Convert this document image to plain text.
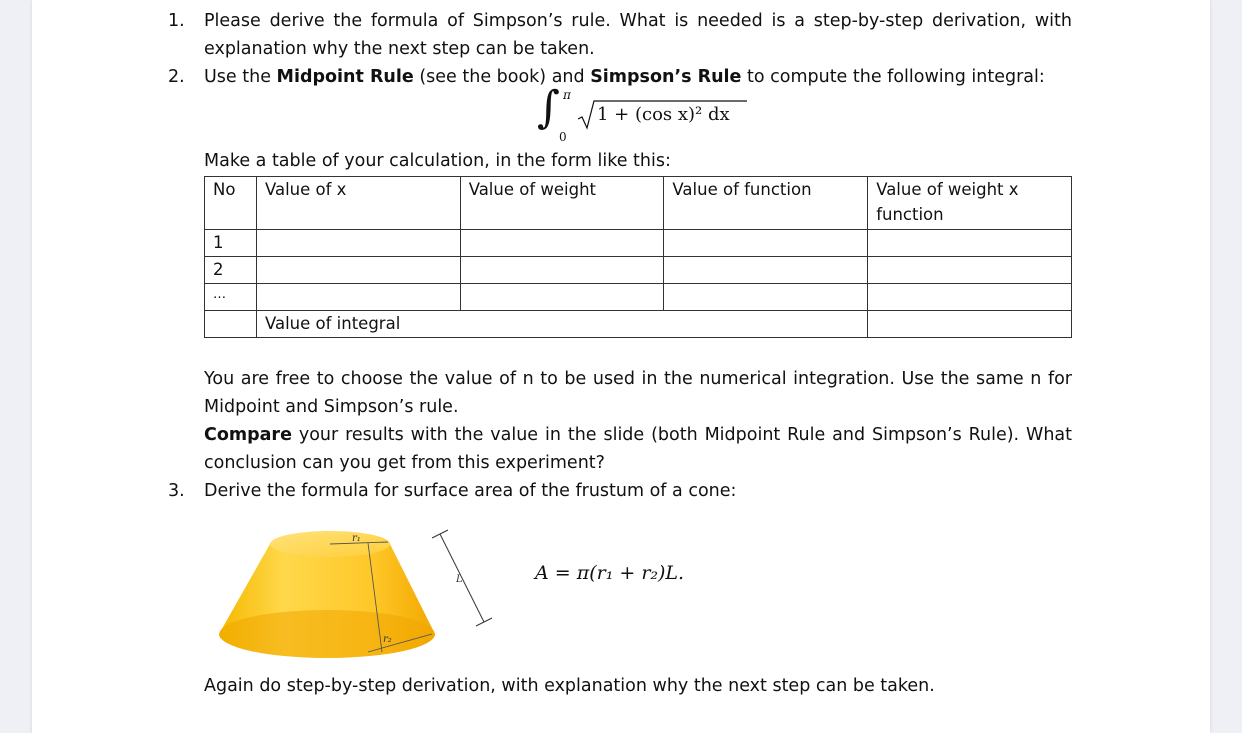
1. Please derive the formula of Simpson’s rule. What is needed is a step-by-step derivation, with
explanation why the next step can be taken.
2. Use the Midpoint Rule (see the book) and Simpson’s Rule to compute the following integral:
∫ π
0
1 + (cos x)² dx
Make a table of your calculation, in the form like this:
No	Value of x	Value of weight	Value of function	Value of weight x
function
1				
2				
…				
	Value of integral			
You are free to choose the value of n to be used in the numerical integration. Use the same n for
Midpoint and Simpson’s rule.
Compare your results with the value in the slide (both Midpoint Rule and Simpson’s Rule). What
conclusion can you get from this experiment?
3. Derive the formula for surface area of the frustum of a cone:
r₁
r₂
L	A = π(r₁ + r₂)L.
Again do step-by-step derivation, with explanation why the next step can be taken.
